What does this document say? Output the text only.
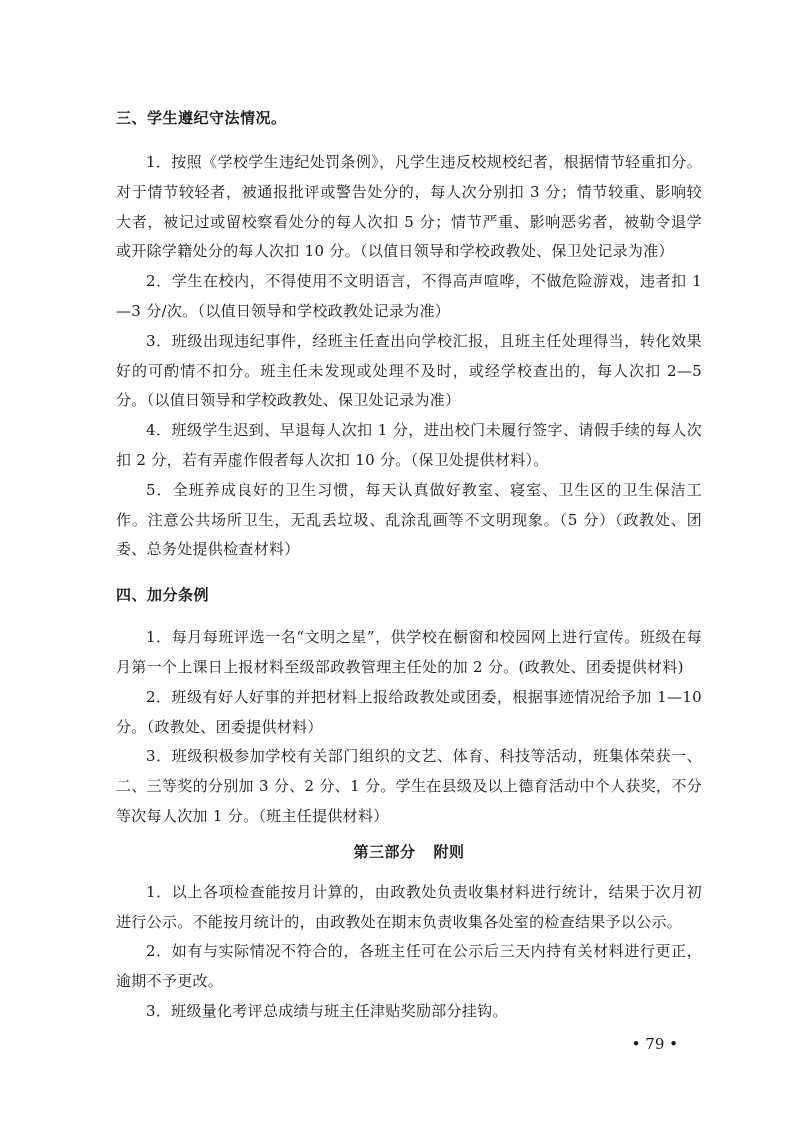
三、学生遵纪守法情况。

1．按照《学校学生违纪处罚条例》，凡学生违反校规校纪者，根据情节轻重扣分。对于情节较轻者，被通报批评或警告处分的，每人次分别扣 3 分；情节较重、影响较大者，被记过或留校察看处分的每人次扣 5 分；情节严重、影响恶劣者，被勒令退学或开除学籍处分的每人次扣 10 分。（以值日领导和学校政教处、保卫处记录为准）

2．学生在校内，不得使用不文明语言，不得高声喧哗，不做危险游戏，违者扣 1—3 分/次。（以值日领导和学校政教处记录为准）

3．班级出现违纪事件，经班主任查出向学校汇报，且班主任处理得当，转化效果好的可酌情不扣分。班主任未发现或处理不及时，或经学校查出的，每人次扣 2—5 分。（以值日领导和学校政教处、保卫处记录为准）

4．班级学生迟到、早退每人次扣 1 分，进出校门未履行签字、请假手续的每人次扣 2 分，若有弄虚作假者每人次扣 10 分。（保卫处提供材料）。

5．全班养成良好的卫生习惯，每天认真做好教室、寝室、卫生区的卫生保洁工作。注意公共场所卫生，无乱丢垃圾、乱涂乱画等不文明现象。（5 分）（政教处、团委、总务处提供检查材料）

四、加分条例

1．每月每班评选一名“文明之星”，供学校在橱窗和校园网上进行宣传。班级在每月第一个上课日上报材料至级部政教管理主任处的加 2 分。(政教处、团委提供材料)

2．班级有好人好事的并把材料上报给政教处或团委，根据事迹情况给予加 1—10 分。（政教处、团委提供材料）

3．班级积极参加学校有关部门组织的文艺、体育、科技等活动，班集体荣获一、二、三等奖的分别加 3 分、2 分、1 分。学生在县级及以上德育活动中个人获奖，不分等次每人次加 1 分。（班主任提供材料）

第三部分 附则

1．以上各项检查能按月计算的，由政教处负责收集材料进行统计，结果于次月初进行公示。不能按月统计的，由政教处在期末负责收集各处室的检查结果予以公示。

2．如有与实际情况不符合的，各班主任可在公示后三天内持有关材料进行更正，逾期不予更改。

3．班级量化考评总成绩与班主任津贴奖励部分挂钩。

• 79 •
